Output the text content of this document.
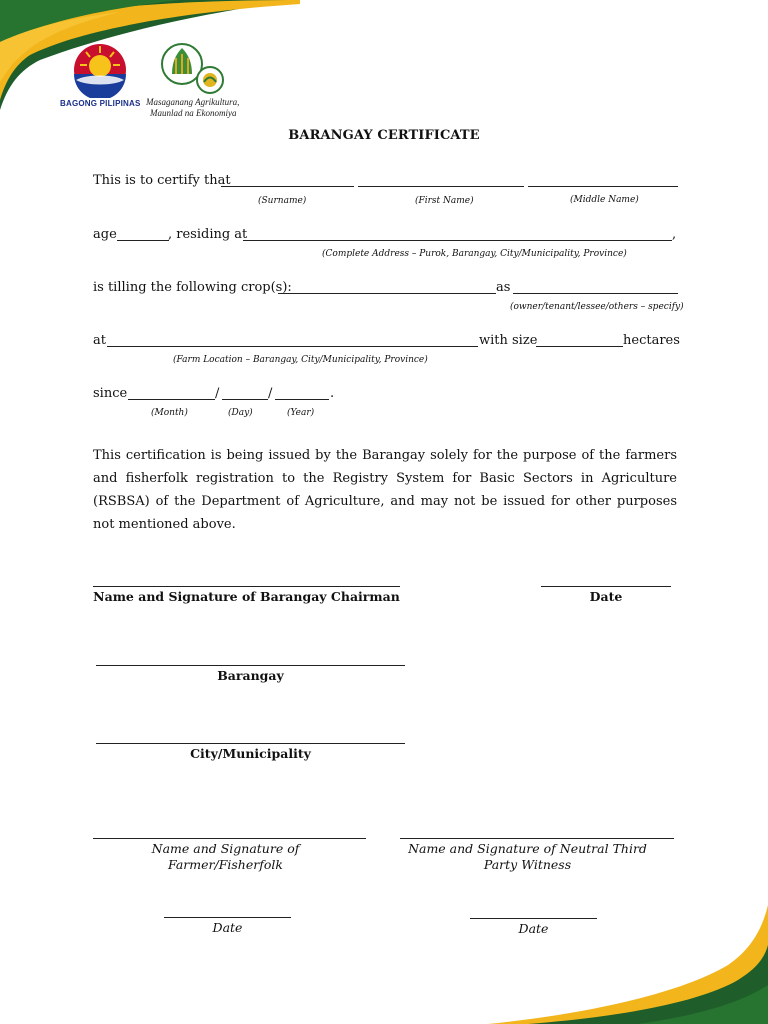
BAGONG PILIPINAS Masaganang Agrikultura,
Maunlad na Ekonomiya
BARANGAY CERTIFICATE
This is to certify that
(Surname)	(First Name)	(Middle Name)
age	, residing at	,
(Complete Address – Purok, Barangay, City/Municipality, Province)
is tilling the following crop(s):	as
(owner/tenant/lessee/others – specify)
at	with size	hectares
(Farm Location – Barangay, City/Municipality, Province)
since	/	/	.
(Month)	(Day)	(Year)
This certification is being issued by the Barangay solely for the purpose of the farmers and fisherfolk registration to the Registry System for Basic Sectors in Agriculture (RSBSA) of the Department of Agriculture, and may not be issued for other purposes not mentioned above.
Name and Signature of Barangay Chairman	Date
Barangay
City/Municipality
Name and Signature of Farmer/Fisherfolk
Name and Signature of Neutral Third Party Witness
Date	Date
